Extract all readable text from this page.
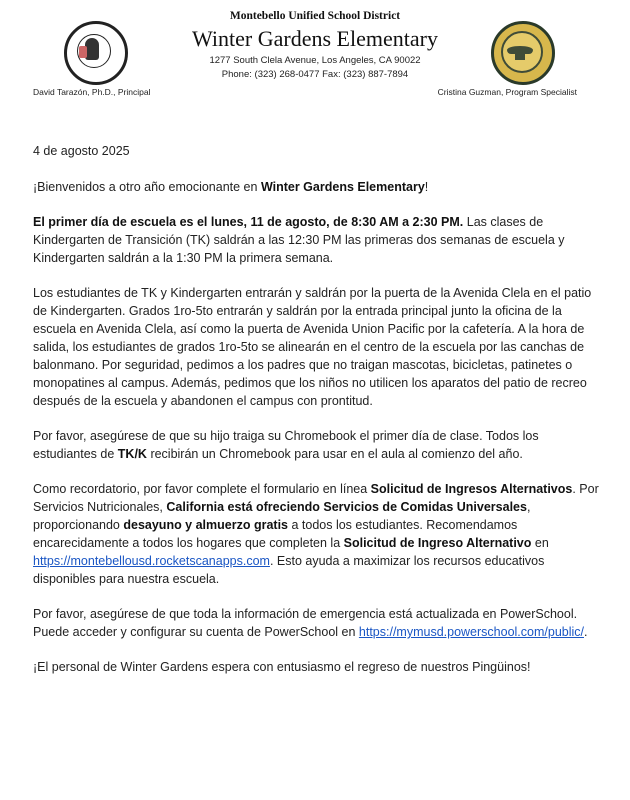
Montebello Unified School District
Winter Gardens Elementary
1277 South Clela Avenue, Los Angeles, CA 90022
Phone: (323) 268-0477 Fax: (323) 887-7894
David Tarazón, Ph.D., Principal	Cristina Guzman, Program Specialist

4 de agosto 2025

¡Bienvenidos a otro año emocionante en Winter Gardens Elementary!

El primer día de escuela es el lunes, 11 de agosto, de 8:30 AM a 2:30 PM. Las clases de Kindergarten de Transición (TK) saldrán a las 12:30 PM las primeras dos semanas de escuela y Kindergarten saldrán a la 1:30 PM la primera semana.

Los estudiantes de TK y Kindergarten entrarán y saldrán por la puerta de la Avenida Clela en el patio de Kindergarten. Grados 1ro-5to entrarán y saldrán por la entrada principal junto la oficina de la escuela en Avenida Clela, así como la puerta de Avenida Union Pacific por la cafetería. A la hora de salida, los estudiantes de grados 1ro-5to se alinearán en el centro de la escuela por las canchas de balonmano. Por seguridad, pedimos a los padres que no traigan mascotas, bicicletas, patinetes o monopatines al campus. Además, pedimos que los niños no utilicen los aparatos del patio de recreo después de la escuela y abandonen el campus con prontitud.

Por favor, asegúrese de que su hijo traiga su Chromebook el primer día de clase. Todos los estudiantes de TK/K recibirán un Chromebook para usar en el aula al comienzo del año.

Como recordatorio, por favor complete el formulario en línea Solicitud de Ingresos Alternativos. Por Servicios Nutricionales, California está ofreciendo Servicios de Comidas Universales, proporcionando desayuno y almuerzo gratis a todos los estudiantes. Recomendamos encarecidamente a todos los hogares que completen la Solicitud de Ingreso Alternativo en https://montebellousd.rocketscanapps.com. Esto ayuda a maximizar los recursos educativos disponibles para nuestra escuela.

Por favor, asegúrese de que toda la información de emergencia está actualizada en PowerSchool. Puede acceder y configurar su cuenta de PowerSchool en https://mymusd.powerschool.com/public/.

¡El personal de Winter Gardens espera con entusiasmo el regreso de nuestros Pingüinos!
